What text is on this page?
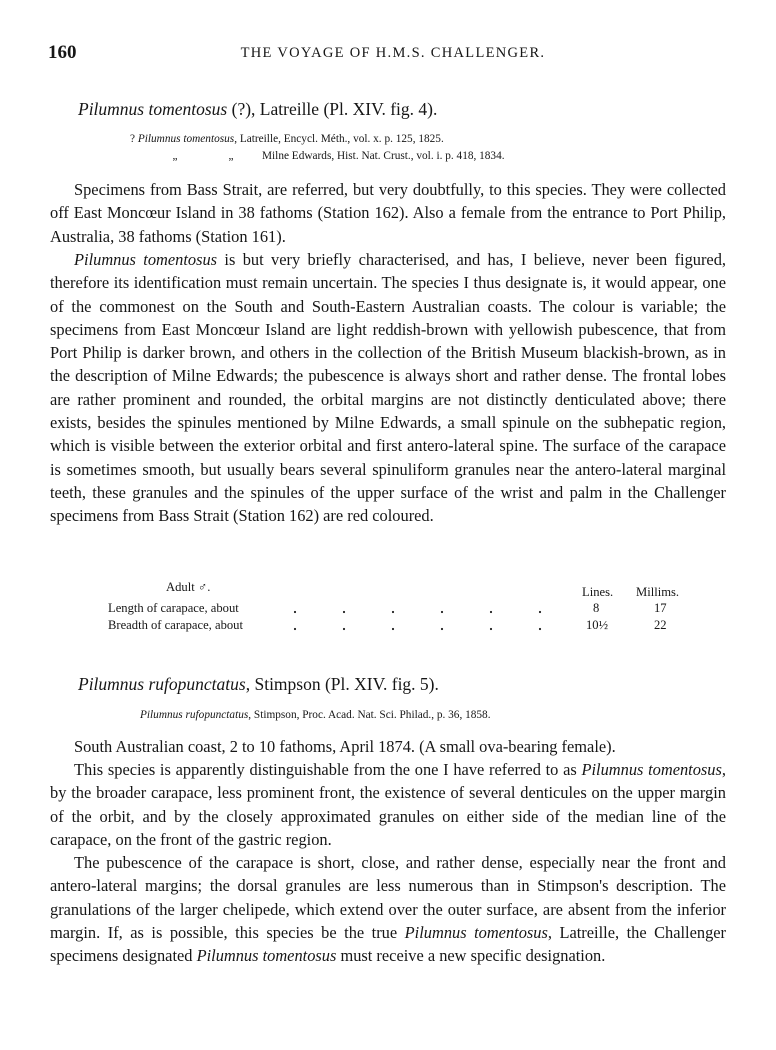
160	THE VOYAGE OF H.M.S. CHALLENGER.
Pilumnus tomentosus (?), Latreille (Pl. XIV. fig. 4).
? Pilumnus tomentosus, Latreille, Encycl. Méth., vol. x. p. 125, 1825.
„	„	Milne Edwards, Hist. Nat. Crust., vol. i. p. 418, 1834.

Specimens from Bass Strait, are referred, but very doubtfully, to this species. They were collected off East Moncœur Island in 38 fathoms (Station 162). Also a female from the entrance to Port Philip, Australia, 38 fathoms (Station 161).

Pilumnus tomentosus is but very briefly characterised, and has, I believe, never been figured, therefore its identification must remain uncertain. The species I thus designate is, it would appear, one of the commonest on the South and South-Eastern Australian coasts. The colour is variable; the specimens from East Moncœur Island are light reddish-brown with yellowish pubescence, that from Port Philip is darker brown, and others in the collection of the British Museum blackish-brown, as in the description of Milne Edwards; the pubescence is always short and rather dense. The frontal lobes are rather prominent and rounded, the orbital margins are not distinctly denticulated above; there exists, besides the spinules mentioned by Milne Edwards, a small spinule on the subhepatic region, which is visible between the exterior orbital and first antero-lateral spine. The surface of the carapace is sometimes smooth, but usually bears several spinuliform granules near the antero-lateral marginal teeth, these granules and the spinules of the upper surface of the wrist and palm in the Challenger specimens from Bass Strait (Station 162) are red coloured.

Adult ♂.	Lines. Millims.
Length of carapace, about	8	17
Breadth of carapace, about	10½	22
Pilumnus rufopunctatus, Stimpson (Pl. XIV. fig. 5).
Pilumnus rufopunctatus, Stimpson, Proc. Acad. Nat. Sci. Philad., p. 36, 1858.

South Australian coast, 2 to 10 fathoms, April 1874. (A small ova-bearing female).

This species is apparently distinguishable from the one I have referred to as Pilumnus tomentosus, by the broader carapace, less prominent front, the existence of several denticules on the upper margin of the orbit, and by the closely approximated granules on either side of the median line of the carapace, on the front of the gastric region.

The pubescence of the carapace is short, close, and rather dense, especially near the front and antero-lateral margins; the dorsal granules are less numerous than in Stimpson's description. The granulations of the larger chelipede, which extend over the outer surface, are absent from the inferior margin. If, as is possible, this species be the true Pilumnus tomentosus, Latreille, the Challenger specimens designated Pilumnus tomentosus must receive a new specific designation.
